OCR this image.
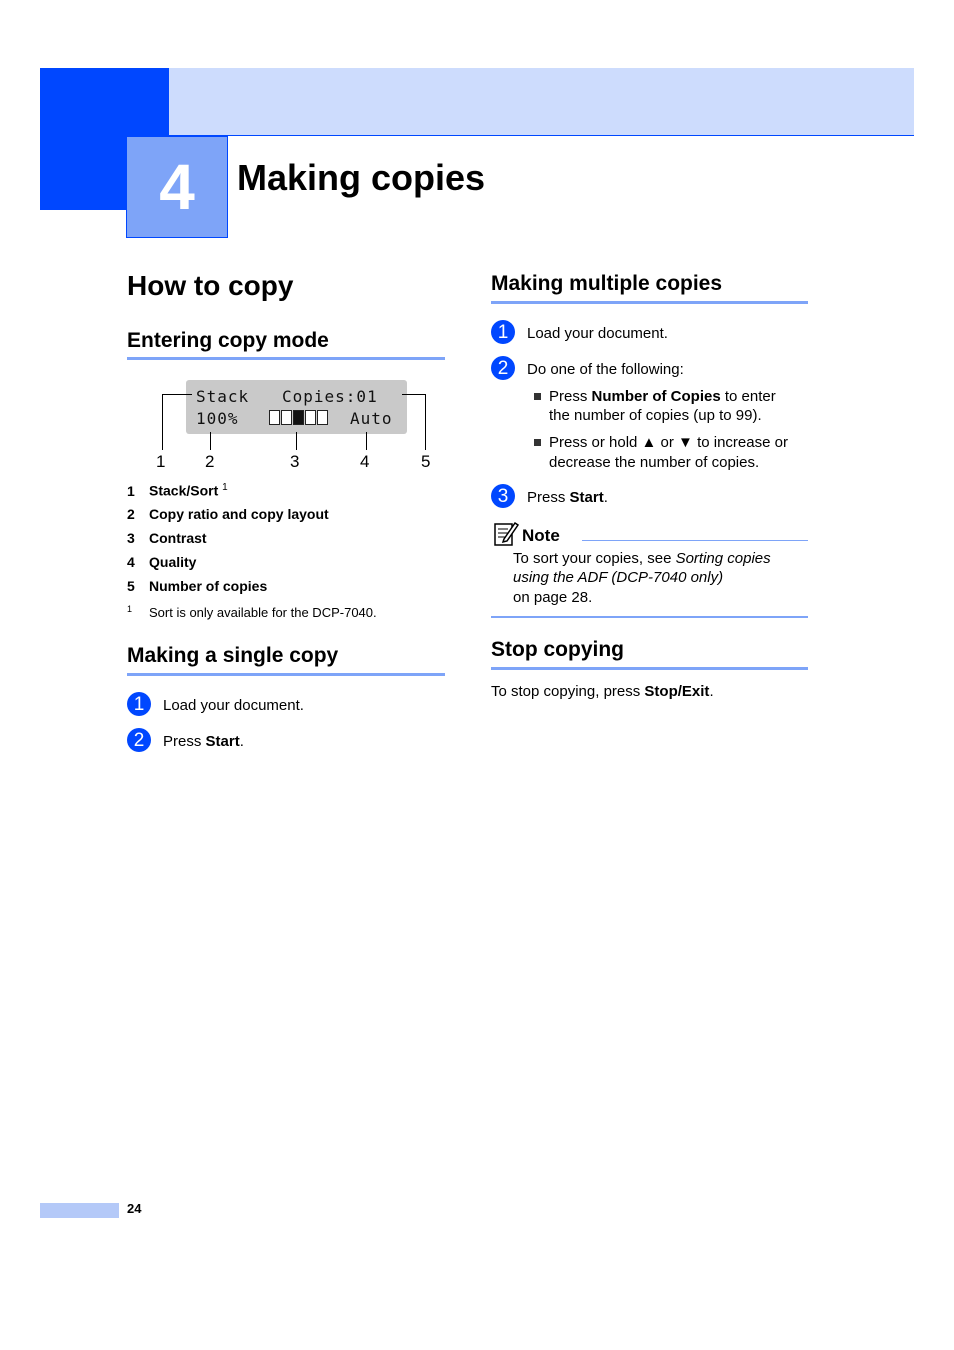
4	Making copies
How to copy
Entering copy mode
Stack Copies:01
100%	Auto
1 2	3	4	5
1 Stack/Sort $^1$
2 Copy ratio and copy layout
3 Contrast
4 Quality
5 Number of copies
$^1$ Sort is only available for the DCP-7040.
Making a single copy
1	Load your document.
2	Press Start.
Making multiple copies
1	Load your document.
2	Do one of the following:
Press Number of Copies to enter
the number of copies (up to 99).
Press or hold ▲ or ▼ to increase or
decrease the number of copies.
3	Press Start.
Note
To sort your copies, see Sorting copies
using the ADF (DCP-7040 only)
on page 28.
Stop copying
To stop copying, press Stop/Exit.
24
